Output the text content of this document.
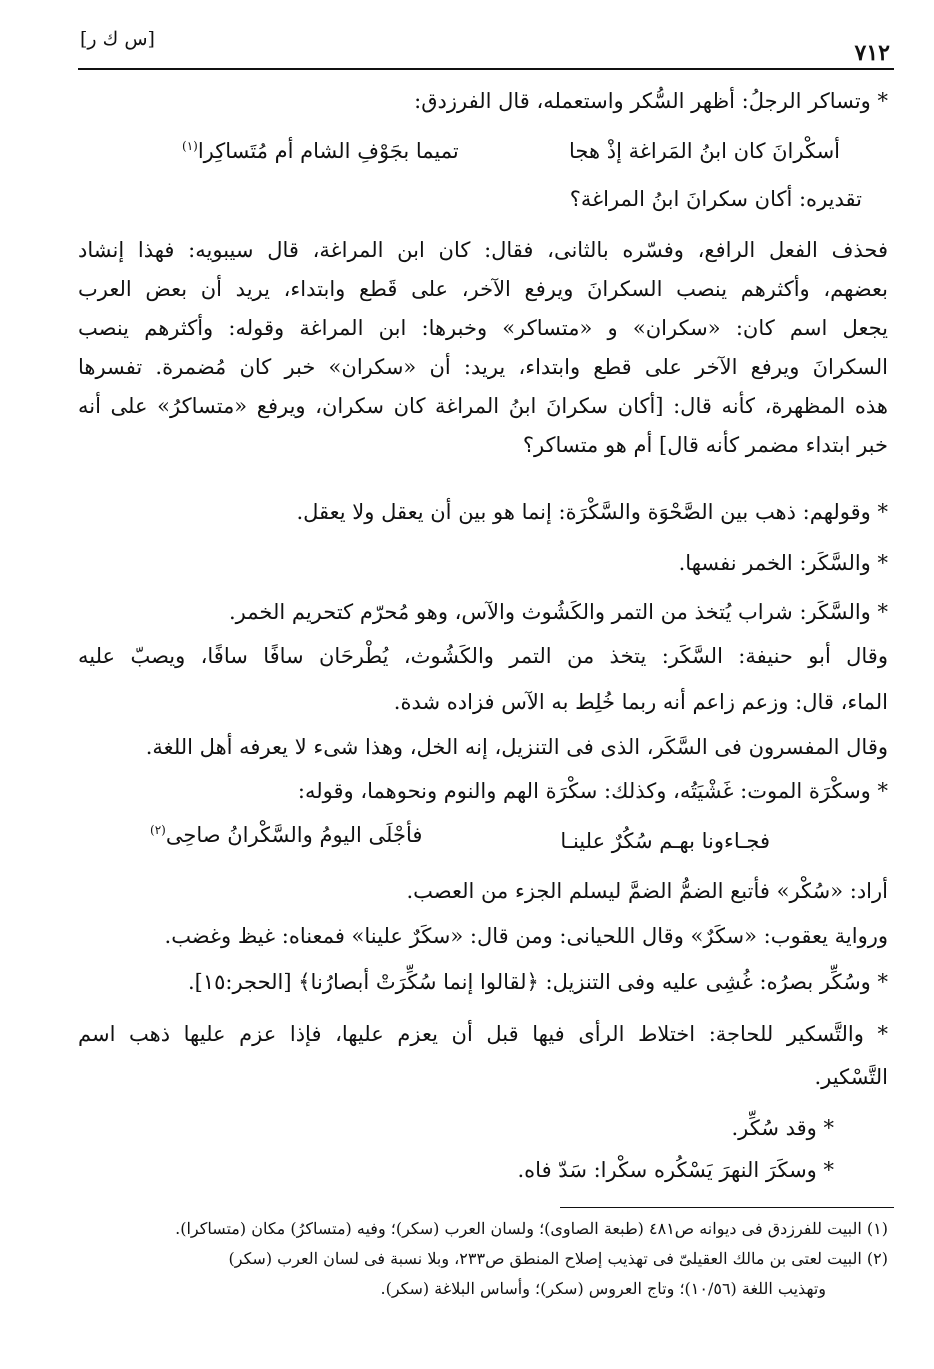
[س ك ر]
٧١٢
* وتساكر الرجلُ: أظهر السُّكر واستعمله، قال الفرزدق:
أسكْرانَ كان ابنُ المَراغة إذْ هجا
تميما بجَوْفِ الشام أم مُتَساكِرا$^{(١)}$
تقديره: أكان سكرانَ ابنُ المراغة؟
فحذف الفعل الرافع، وفسّره بالثانى، فقال: كان ابن المراغة، قال سيبويه: فهذا إنشاد
بعضهم، وأكثرهم ينصب السكرانَ ويرفع الآخر، على قَطع وابتداء، يريد أن بعض العرب
يجعل اسم كان: «سكران» و «متساكر» وخبرها: ابن المراغة وقوله: وأكثرهم ينصب
السكرانَ ويرفع الآخر على قطع وابتداء، يريد: أن «سكران» خبر كان مُضمرة. تفسرها
هذه المظهرة، كأنه قال: [أكان سكرانَ ابنُ المراغة كان سكران، ويرفع «متساكرُ» على أنه
خبر ابتداء مضمر كأنه قال] أم هو متساكر؟
* وقولهم: ذهب بين الصَّحْوَة والسَّكْرَة: إنما هو بين أن يعقل ولا يعقل.
* والسَّكَر: الخمر نفسها.
* والسَّكَر: شراب يُتخذ من التمر والكَشُوث والآس، وهو مُحرّم كتحريم الخمر.
وقال أبو حنيفة: السَّكَر: يتخذ من التمر والكَشُوث، يُطْرحَان سافًا سافًا، ويصبّ عليه
الماء، قال: وزعم زاعم أنه ربما خُلِط به الآس فزاده شدة.
وقال المفسرون فى السَّكَر، الذى فى التنزيل، إنه الخل، وهذا شىء لا يعرفه أهل اللغة.
* وسكْرَة الموت: غَشْيَتُه، وكذلك: سكْرَة الهم والنوم ونحوهما، وقوله:
فجـاءونا بهـم سُكُرٌ علينـا
فأجْلَى اليومُ والسَّكْرانُ صاحِى$^{(٢)}$
أراد: «سُكْر» فأتبع الضمُّ الضمَّ ليسلم الجزء من العصب.
ورواية يعقوب: «سكَرٌ» وقال اللحيانى: ومن قال: «سكَرٌ علينا» فمعناه: غيظ وغضب.
* وسُكِّر بصرُه: غُشِى عليه وفى التنزيل: ﴿لقالوا إنما سُكِّرَتْ أبصارُنا﴾ [الحجر:١٥].
* والتَّسكير للحاجة: اختلاط الرأى فيها قبل أن يعزم عليها، فإذا عزم عليها ذهب اسم
التَّسْكير.
* وقد سُكِّر.
* وسكَرَ النهرَ يَسْكُره سكْرا: سَدّ فاه.
(١) البيت للفرزدق فى ديوانه ص٤٨١ (طبعة الصاوى)؛ ولسان العرب (سكر)؛ وفيه (متساكرُ) مكان (متساكرا).
(٢) البيت لعتى بن مالك العقيلىّ فى تهذيب إصلاح المنطق ص٢٣٣، وبلا نسبة فى لسان العرب (سكر)
وتهذيب اللغة (١٠/٥٦)؛ وتاج العروس (سكر)؛ وأساس البلاغة (سكر).
